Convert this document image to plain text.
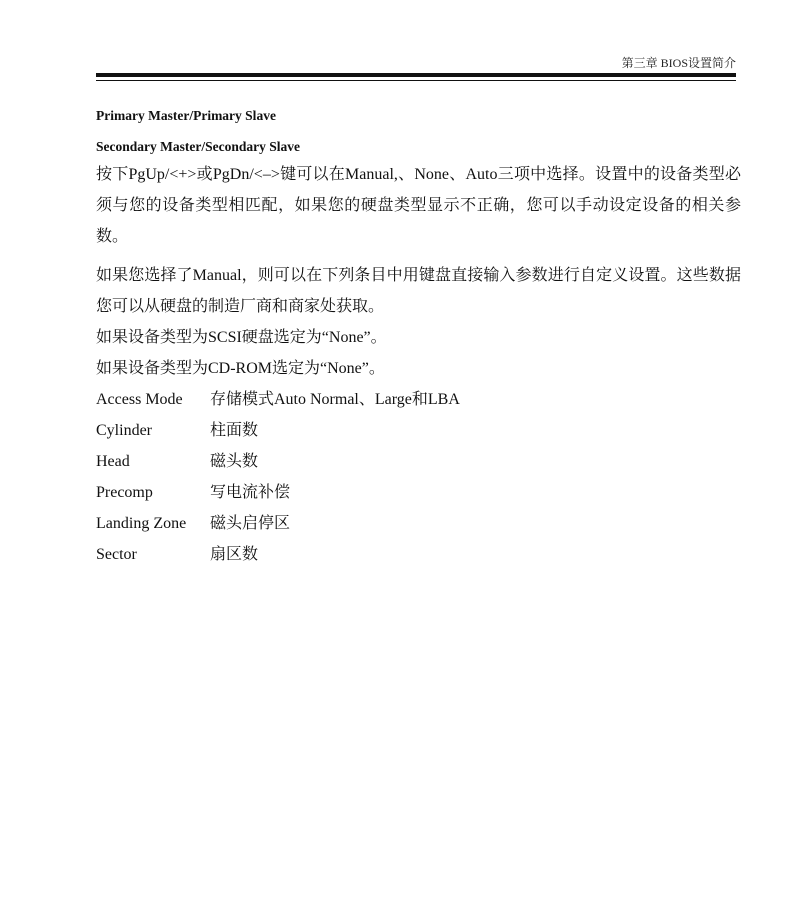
第三章 BIOS设置简介

Primary Master/Primary Slave

Secondary Master/Secondary Slave

按下PgUp/<+>或PgDn/<–>键可以在Manual,、None、Auto三项中选择。设置中的设备类型必须与您的设备类型相匹配，如果您的硬盘类型显示不正确，您可以手动设定设备的相关参数。

如果您选择了Manual，则可以在下列条目中用键盘直接输入参数进行自定义设置。这些数据您可以从硬盘的制造厂商和商家处获取。

如果设备类型为SCSI硬盘选定为“None”。

如果设备类型为CD-ROM选定为“None”。

Access Mode	存储模式Auto Normal、Large和LBA
Cylinder	柱面数
Head	磁头数
Precomp	写电流补偿
Landing Zone	磁头启停区
Sector	扇区数
